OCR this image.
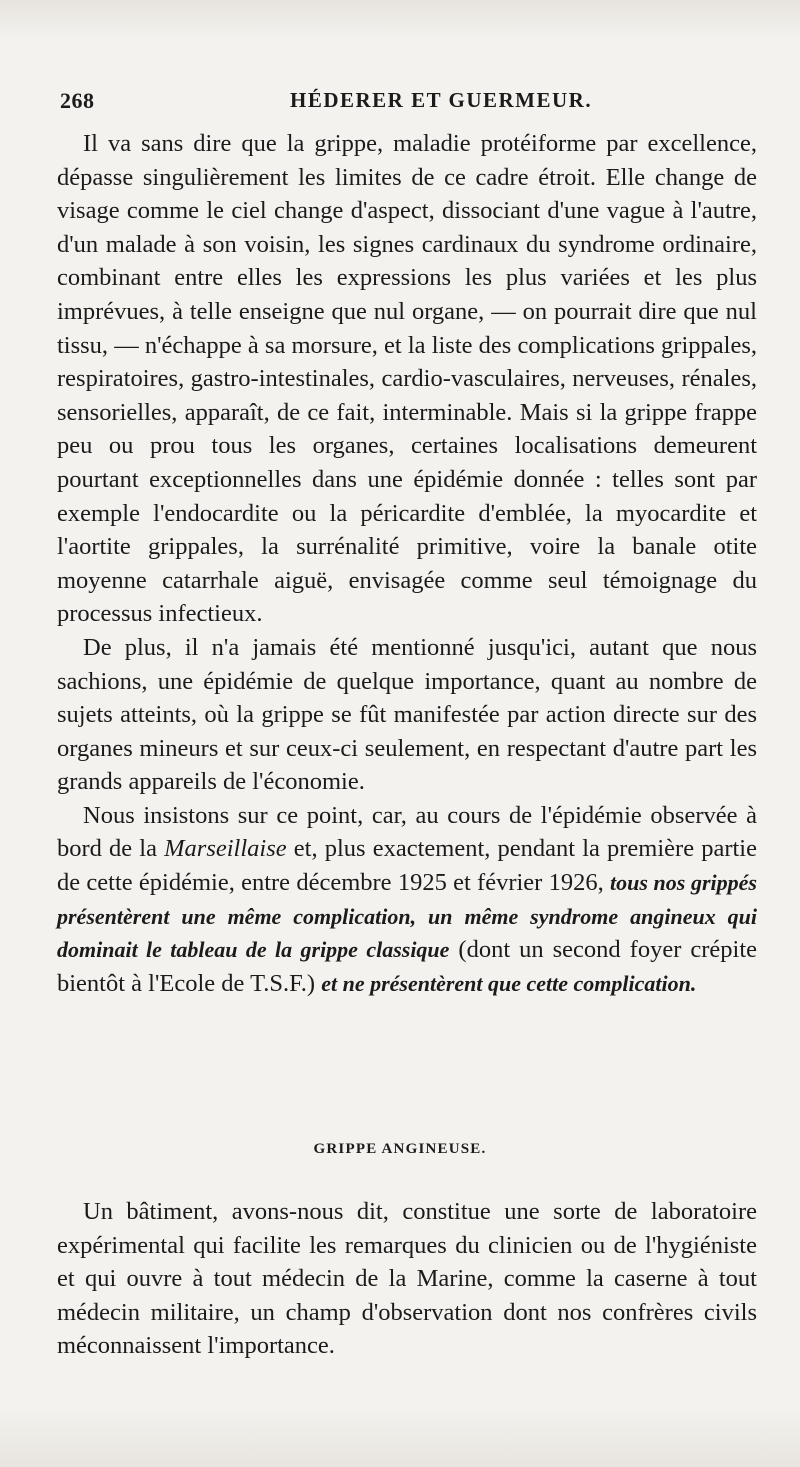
268	HÉDERER ET GUERMEUR.

Il va sans dire que la grippe, maladie protéiforme par excellence, dépasse singulièrement les limites de ce cadre étroit. Elle change de visage comme le ciel change d'aspect, dissociant d'une vague à l'autre, d'un malade à son voisin, les signes cardinaux du syndrome ordinaire, combinant entre elles les expressions les plus variées et les plus imprévues, à telle enseigne que nul organe, — on pourrait dire que nul tissu, — n'échappe à sa morsure, et la liste des complications grippales, respiratoires, gastro-intestinales, cardio-vasculaires, nerveuses, rénales, sensorielles, apparaît, de ce fait, interminable. Mais si la grippe frappe peu ou prou tous les organes, certaines localisations demeurent pourtant exceptionnelles dans une épidémie donnée : telles sont par exemple l'endocardite ou la péricardite d'emblée, la myocardite et l'aortite grippales, la surrénalité primitive, voire la banale otite moyenne catarrhale aiguë, envisagée comme seul témoignage du processus infectieux.

De plus, il n'a jamais été mentionné jusqu'ici, autant que nous sachions, une épidémie de quelque importance, quant au nombre de sujets atteints, où la grippe se fût manifestée par action directe sur des organes mineurs et sur ceux-ci seulement, en respectant d'autre part les grands appareils de l'économie.

Nous insistons sur ce point, car, au cours de l'épidémie observée à bord de la Marseillaise et, plus exactement, pendant la première partie de cette épidémie, entre décembre 1925 et février 1926, tous nos grippés présentèrent une même complication, un même syndrome angineux qui dominait le tableau de la grippe classique (dont un second foyer crépite bientôt à l'Ecole de T.S.F.) et ne présentèrent que cette complication.

GRIPPE ANGINEUSE.

Un bâtiment, avons-nous dit, constitue une sorte de laboratoire expérimental qui facilite les remarques du clinicien ou de l'hygiéniste et qui ouvre à tout médecin de la Marine, comme la caserne à tout médecin militaire, un champ d'observation dont nos confrères civils méconnaissent l'importance.
